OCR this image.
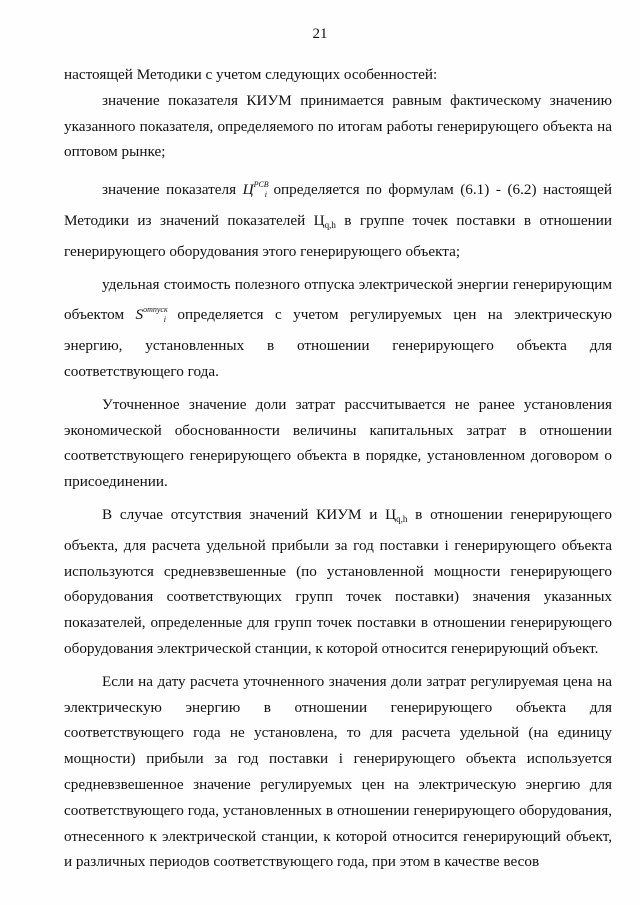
21

настоящей Методики с учетом следующих особенностей:

значение показателя КИУМ принимается равным фактическому значению указанного показателя, определяемого по итогам работы генерирующего объекта на оптовом рынке;

значение показателя $Ц^{РСВ}_i$ определяется по формулам (6.1) - (6.2) настоящей Методики из значений показателей $Ц_{q,h}$ в группе точек поставки в отношении генерирующего оборудования этого генерирующего объекта;

удельная стоимость полезного отпуска электрической энергии генерирующим объектом $S^{отпуск}_i$ определяется с учетом регулируемых цен на электрическую энергию, установленных в отношении генерирующего объекта для соответствующего года.

Уточненное значение доли затрат рассчитывается не ранее установления экономической обоснованности величины капитальных затрат в отношении соответствующего генерирующего объекта в порядке, установленном договором о присоединении.

В случае отсутствия значений КИУМ и $Ц_{q,h}$ в отношении генерирующего объекта, для расчета удельной прибыли за год поставки i генерирующего объекта используются средневзвешенные (по установленной мощности генерирующего оборудования соответствующих групп точек поставки) значения указанных показателей, определенные для групп точек поставки в отношении генерирующего оборудования электрической станции, к которой относится генерирующий объект.

Если на дату расчета уточненного значения доли затрат регулируемая цена на электрическую энергию в отношении генерирующего объекта для соответствующего года не установлена, то для расчета удельной (на единицу мощности) прибыли за год поставки i генерирующего объекта используется средневзвешенное значение регулируемых цен на электрическую энергию для соответствующего года, установленных в отношении генерирующего оборудования, отнесенного к электрической станции, к которой относится генерирующий объект, и различных периодов соответствующего года, при этом в качестве весов
